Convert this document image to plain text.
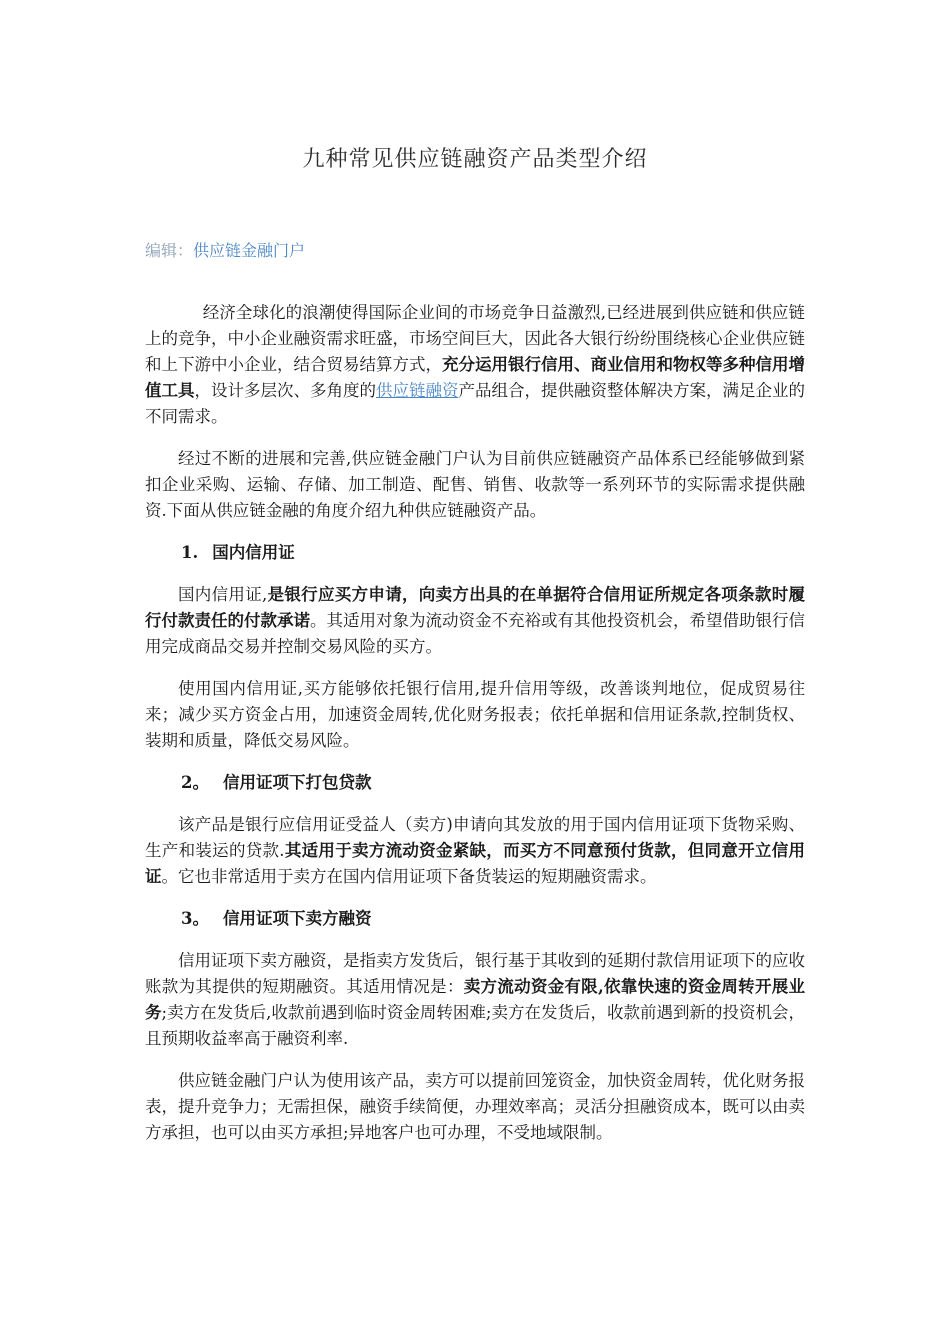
九种常见供应链融资产品类型介绍
编辑：供应链金融门户

经济全球化的浪潮使得国际企业间的市场竞争日益激烈,已经进展到供应链和供应链上的竞争，中小企业融资需求旺盛，市场空间巨大，因此各大银行纷纷围绕核心企业供应链和上下游中小企业，结合贸易结算方式，充分运用银行信用、商业信用和物权等多种信用增值工具，设计多层次、多角度的供应链融资产品组合，提供融资整体解决方案，满足企业的不同需求。

经过不断的进展和完善,供应链金融门户认为目前供应链融资产品体系已经能够做到紧扣企业采购、运输、存储、加工制造、配售、销售、收款等一系列环节的实际需求提供融资.下面从供应链金融的角度介绍九种供应链融资产品。

1. 国内信用证

国内信用证,是银行应买方申请，向卖方出具的在单据符合信用证所规定各项条款时履行付款责任的付款承诺。其适用对象为流动资金不充裕或有其他投资机会，希望借助银行信用完成商品交易并控制交易风险的买方。

使用国内信用证,买方能够依托银行信用,提升信用等级，改善谈判地位，促成贸易往来；减少买方资金占用，加速资金周转,优化财务报表；依托单据和信用证条款,控制货权、装期和质量，降低交易风险。

2。 信用证项下打包贷款

该产品是银行应信用证受益人（卖方)申请向其发放的用于国内信用证项下货物采购、生产和装运的贷款.其适用于卖方流动资金紧缺，而买方不同意预付货款，但同意开立信用证。它也非常适用于卖方在国内信用证项下备货装运的短期融资需求。

3。 信用证项下卖方融资

信用证项下卖方融资，是指卖方发货后，银行基于其收到的延期付款信用证项下的应收账款为其提供的短期融资。其适用情况是：卖方流动资金有限,依靠快速的资金周转开展业务;卖方在发货后,收款前遇到临时资金周转困难;卖方在发货后，收款前遇到新的投资机会，且预期收益率高于融资利率.

供应链金融门户认为使用该产品，卖方可以提前回笼资金，加快资金周转，优化财务报表，提升竞争力；无需担保，融资手续简便，办理效率高；灵活分担融资成本，既可以由卖方承担，也可以由买方承担;异地客户也可办理，不受地域限制。
